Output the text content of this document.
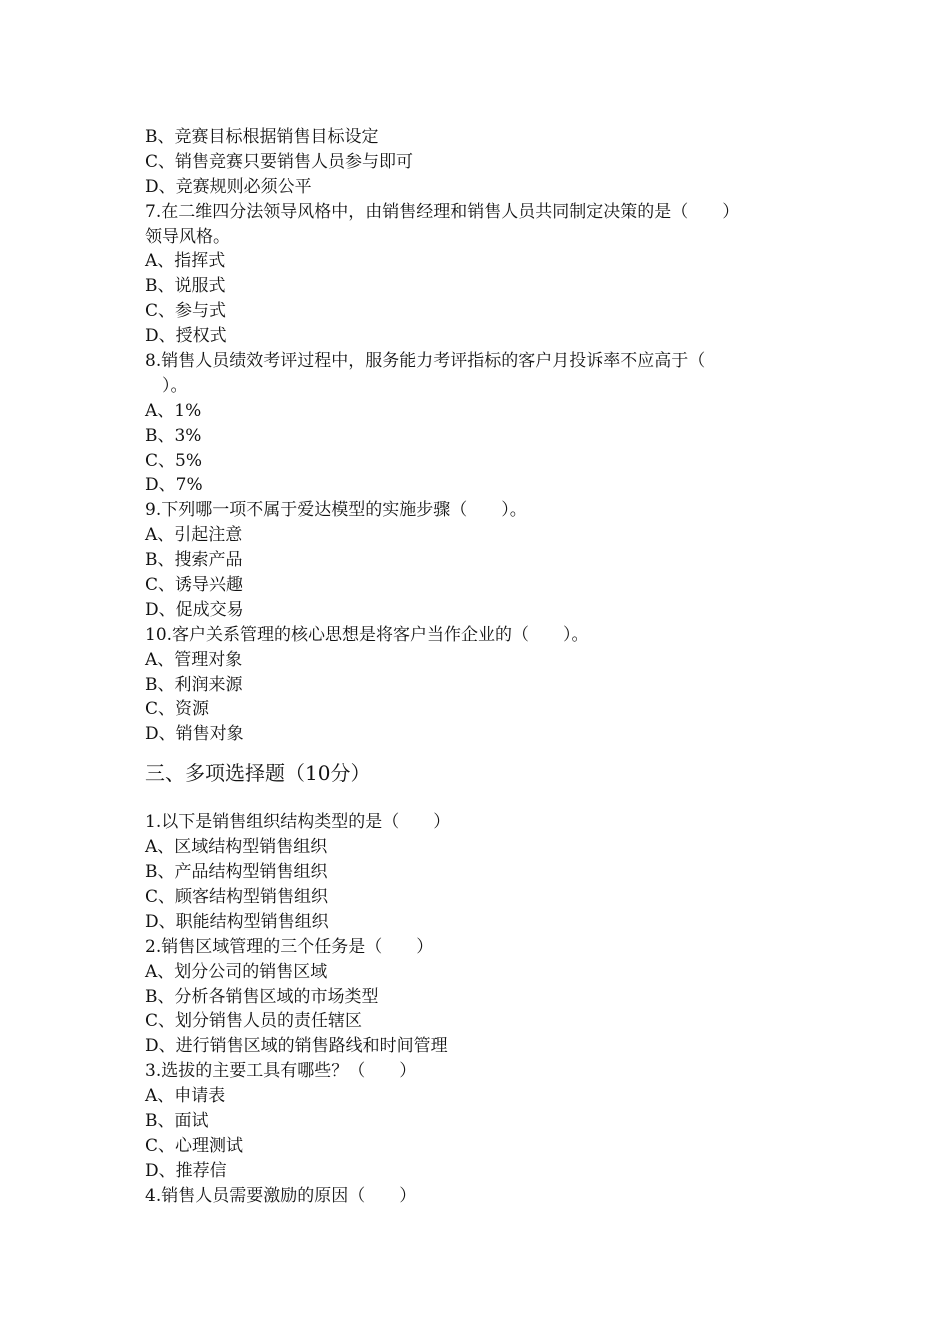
B、竞赛目标根据销售目标设定
C、销售竞赛只要销售人员参与即可
D、竞赛规则必须公平
7.在二维四分法领导风格中，由销售经理和销售人员共同制定决策的是（　　）
领导风格。
A、指挥式
B、说服式
C、参与式
D、授权式
8.销售人员绩效考评过程中，服务能力考评指标的客户月投诉率不应高于（
　）。
A、1%
B、3%
C、5%
D、7%
9.下列哪一项不属于爱达模型的实施步骤（　　）。
A、引起注意
B、搜索产品
C、诱导兴趣
D、促成交易
10.客户关系管理的核心思想是将客户当作企业的（　　）。
A、管理对象
B、利润来源
C、资源
D、销售对象
三、多项选择题（10分）
1.以下是销售组织结构类型的是（　　）
A、区域结构型销售组织
B、产品结构型销售组织
C、顾客结构型销售组织
D、职能结构型销售组织
2.销售区域管理的三个任务是（　　）
A、划分公司的销售区域
B、分析各销售区域的市场类型
C、划分销售人员的责任辖区
D、进行销售区域的销售路线和时间管理
3.选拔的主要工具有哪些？（　　）
A、申请表
B、面试
C、心理测试
D、推荐信
4.销售人员需要激励的原因（　　）
